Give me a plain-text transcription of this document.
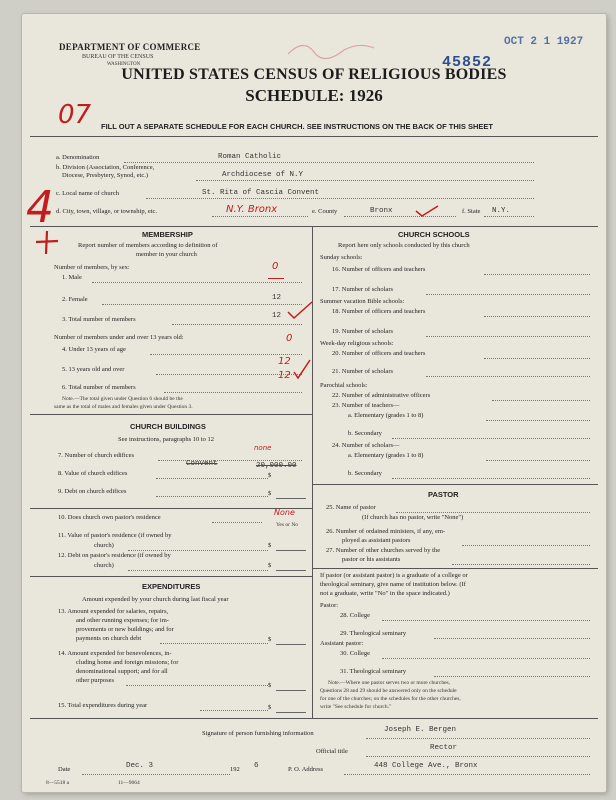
DEPARTMENT OF COMMERCE
BUREAU OF THE CENSUS
WASHINGTON
OCT 2 1 1927
45852
UNITED STATES CENSUS OF RELIGIOUS BODIES
SCHEDULE: 1926
07 FILL OUT A SEPARATE SCHEDULE FOR EACH CHURCH. SEE INSTRUCTIONS ON THE BACK OF THIS SHEET
4
a. Denomination	Roman Catholic
b. Division (Association, Conference,
Diocese, Presbytery, Synod, etc.)	Archdiocese of N.Y
c. Local name of church	St. Rita of Cascia Convent
d. City, town, village, or township, etc.	N.Y. Bronx	e. County	Bronx	f. State N.Y.
MEMBERSHIP
Report number of members according to definition of
member in your church
Number of members, by sex:
1. Male
0
2. Female	12
3. Total number of members	12
Number of members under and over 13 years old:
4. Under 13 years of age
0
5. 13 years old and over
12
6. Total number of members
12
Note.—The total given under Question 6 should be the
same as the total of males and females given under Question 3.
CHURCH BUILDINGS
See instructions, paragraphs 10 to 12
7. Number of church edifices
none
8. Value of church edifices
Convent
$
20,000.00
9. Debt on church edifices	$
10. Does church own pastor's residence
None
Yes or No
11. Value of pastor's residence (if owned by
church)	$
12. Debt on pastor's residence (if owned by
church)	$
EXPENDITURES
Amount expended by your church during last fiscal year
13. Amount expended for salaries, repairs,
and other running expenses; for im-
provements or new buildings; and for
payments on church debt	$
14. Amount expended for benevolences, in-
cluding home and foreign missions; for
denominational support; and for all
other purposes
$
15. Total expenditures during year	$
CHURCH SCHOOLS
Report here only schools conducted by this church
Sunday schools:
16. Number of officers and teachers
17. Number of scholars
Summer vacation Bible schools:
18. Number of officers and teachers
19. Number of scholars
Week-day religious schools:
20. Number of officers and teachers
21. Number of scholars
Parochial schools:
22. Number of administrative officers
23. Number of teachers—
a. Elementary (grades 1 to 8)
b. Secondary
24. Number of scholars—
a. Elementary (grades 1 to 8)
b. Secondary
PASTOR
25. Name of pastor
(If church has no pastor, write "None")
26. Number of ordained ministers, if any, em-
ployed as assistant pastors
27. Number of other churches served by the
pastor or his assistants
If pastor (or assistant pastor) is a graduate of a college or
theological seminary, give name of institution below. (If
not a graduate, write "No" in the space indicated.)
Pastor:
28. College
29. Theological seminary
Assistant pastor:
30. College
31. Theological seminary
Note.—Where one pastor serves two or more churches,
Questions 28 and 29 should be answered only on the schedule
for one of the churches; on the schedules for the other churches,
write "See schedule for church."
Signature of person furnishing information	Joseph E. Bergen
Official title	Rector
Date	Dec. 3	192 6	P. O. Address	448 College Ave., Bronx
8—5518 a	11—9064
